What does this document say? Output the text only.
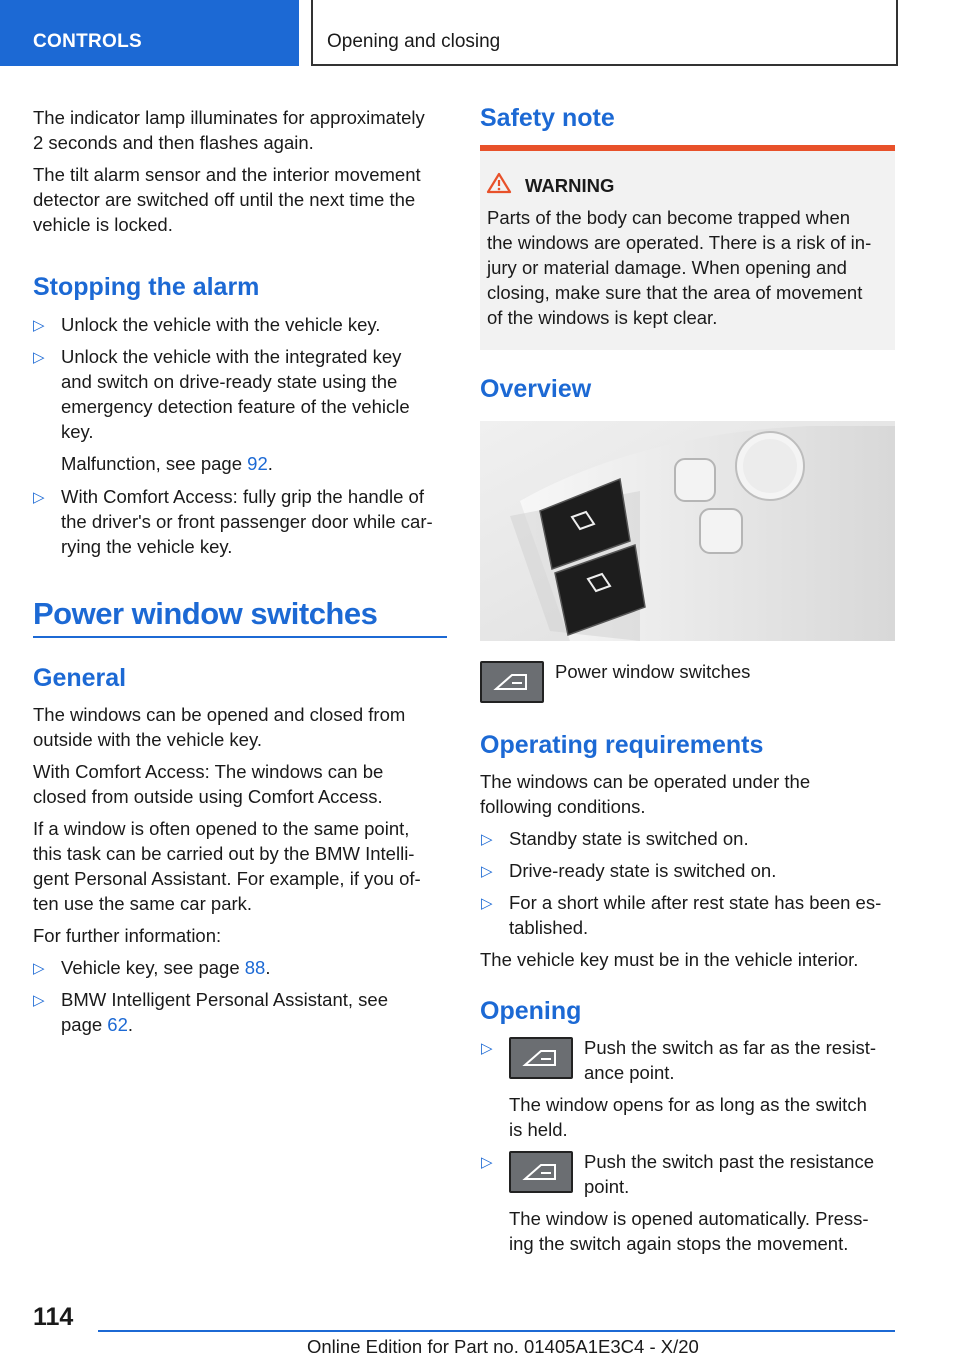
CONTROLS	Opening and closing

The indicator lamp illuminates for approximately

2 seconds and then flashes again.

The tilt alarm sensor and the interior movement

detector are switched off until the next time the

vehicle is locked.

Stopping the alarm
▷ Unlock the vehicle with the vehicle key.

▷ Unlock the vehicle with the integrated key

and switch on drive-ready state using the

emergency detection feature of the vehicle

key.

Malfunction, see page 92.

▷ With Comfort Access: fully grip the handle of

the driver's or front passenger door while car-

rying the vehicle key.

Power window switches
General

The windows can be opened and closed from

outside with the vehicle key.

With Comfort Access: The windows can be

closed from outside using Comfort Access.

If a window is often opened to the same point,

this task can be carried out by the BMW Intelli-

gent Personal Assistant. For example, if you of-

ten use the same car park.

For further information:

▷ Vehicle key, see page 88.

▷ BMW Intelligent Personal Assistant, see

page 62.

Safety note

WARNING

Parts of the body can become trapped when

the windows are operated. There is a risk of in-

jury or material damage. When opening and

closing, make sure that the area of movement

of the windows is kept clear.

Overview

Power window switches

Operating requirements

The windows can be operated under the

following conditions.

▷ Standby state is switched on.

▷ Drive-ready state is switched on.

▷ For a short while after rest state has been es-

tablished.

The vehicle key must be in the vehicle interior.

Opening
▷	Push the switch as far as the resist-

ance point.

The window opens for as long as the switch

is held.

▷	Push the switch past the resistance

point.

The window is opened automatically. Press-

ing the switch again stops the movement.

114
Online Edition for Part no. 01405A1E3C4 - X/20
